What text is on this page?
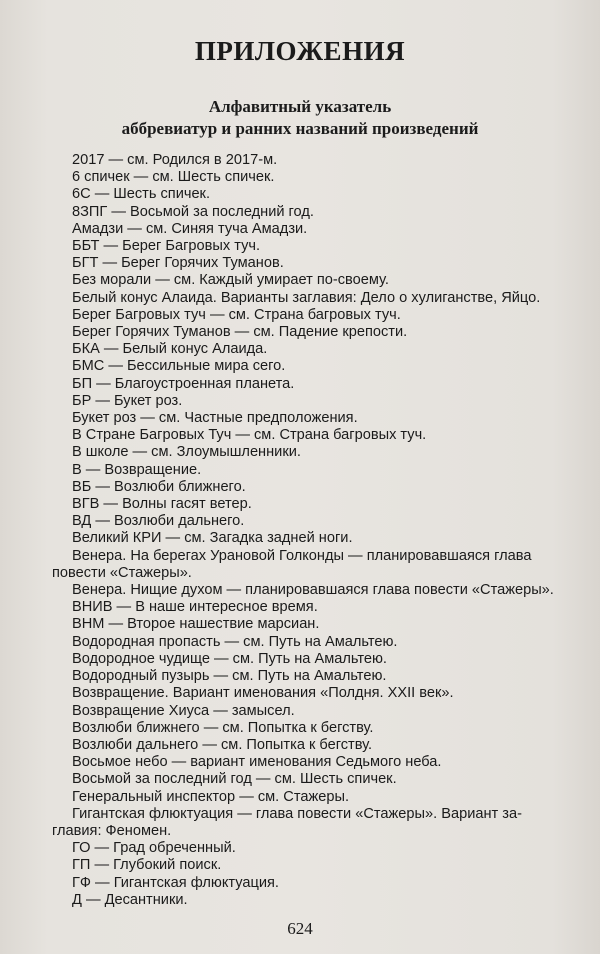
ПРИЛОЖЕНИЯ
Алфавитный указатель
аббревиатур и ранних названий произведений

2017 — см. Родился в 2017-м.

6 спичек — см. Шесть спичек.

6С — Шесть спичек.

8ЗПГ — Восьмой за последний год.

Амадзи — см. Синяя туча Амадзи.

ББТ — Берег Багровых туч.

БГТ — Берег Горячих Туманов.

Без морали — см. Каждый умирает по-своему.

Белый конус Алаида. Варианты заглавия: Дело о хулиганстве, Яйцо.

Берег Багровых туч — см. Страна багровых туч.

Берег Горячих Туманов — см. Падение крепости.

БКА — Белый конус Алаида.

БМС — Бессильные мира сего.

БП — Благоустроенная планета.

БР — Букет роз.

Букет роз — см. Частные предположения.

В Стране Багровых Туч — см. Страна багровых туч.

В школе — см. Злоумышленники.

В — Возвращение.

ВБ — Возлюби ближнего.

ВГВ — Волны гасят ветер.

ВД — Возлюби дальнего.

Великий КРИ — см. Загадка задней ноги.

Венера. На берегах Урановой Голконды — планировавшаяся глава
повести «Стажеры».

Венера. Нищие духом — планировавшаяся глава повести «Стажеры».

ВНИВ — В наше интересное время.

ВНМ — Второе нашествие марсиан.

Водородная пропасть — см. Путь на Амальтею.

Водородное чудище — см. Путь на Амальтею.

Водородный пузырь — см. Путь на Амальтею.

Возвращение. Вариант именования «Полдня. XXII век».

Возвращение Хиуса — замысел.

Возлюби ближнего — см. Попытка к бегству.

Возлюби дальнего — см. Попытка к бегству.

Восьмое небо — вариант именования Седьмого неба.

Восьмой за последний год — см. Шесть спичек.

Генеральный инспектор — см. Стажеры.

Гигантская флюктуация — глава повести «Стажеры». Вариант за-
главия: Феномен.

ГО — Град обреченный.

ГП — Глубокий поиск.

ГФ — Гигантская флюктуация.

Д — Десантники.

624
